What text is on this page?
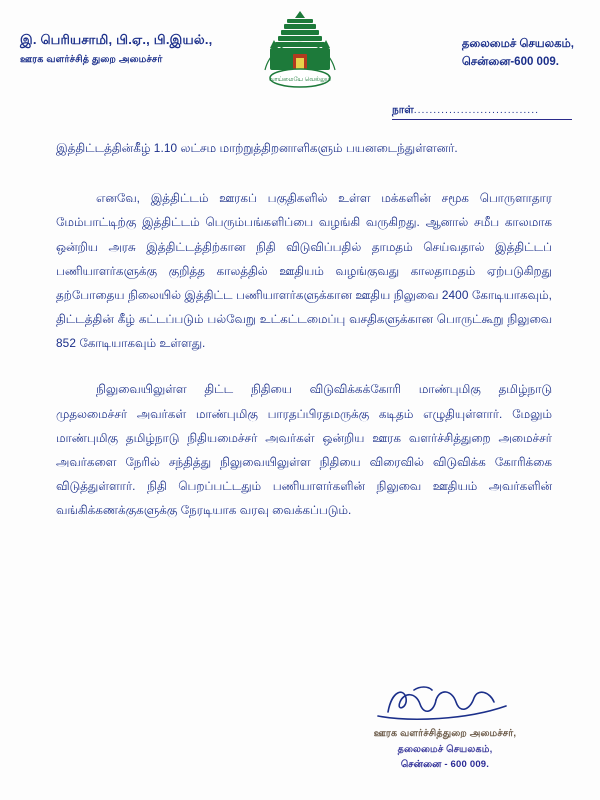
இ. பெரியசாமி, பி.ஏ., பி.இயல்.,
ஊரக வளர்ச்சித் துறை அமைச்சர்
வாய்மையே வெல்லும்
தலைமைச் செயலகம்,
சென்னை-600 009.
நாள்................................

இத்திட்டத்தின்கீழ் 1.10 லட்சம மாற்றுத்திறனாளிகளும் பயனடைந்துள்ளனர்.

எனவே, இத்திட்டம் ஊரகப் பகுதிகளில் உள்ள மக்களின் சமூக பொருளாதார மேம்பாட்டிற்கு இத்திட்டம் பெரும்பங்களிப்பை வழங்கி வருகிறது. ஆனால் சமீப காலமாக ஒன்றிய அரசு இத்திட்டத்திற்கான நிதி விடுவிப்பதில் தாமதம் செய்வதால் இத்திட்டப் பணியாளர்களுக்கு குறித்த காலத்தில் ஊதியம் வழங்குவது காலதாமதம் ஏற்படுகிறது தற்போதைய நிலையில் இத்திட்ட பணியாளர்களுக்கான ஊதிய நிலுவை 2400 கோடியாகவும், திட்டத்தின் கீழ் கட்டப்படும் பல்வேறு உட்கட்டமைப்பு வசதிகளுக்கான பொருட்கூறு நிலுவை 852 கோடியாகவும் உள்ளது.

நிலுவையிலுள்ள திட்ட நிதியை விடுவிக்கக்கோரி மாண்புமிகு தமிழ்நாடு முதலமைச்சர் அவர்கள் மாண்புமிகு பாரதப்பிரதமருக்கு கடிதம் எழுதியுள்ளார். மேலும் மாண்புமிகு தமிழ்நாடு நிதியமைச்சர் அவர்கள் ஒன்றிய ஊரக வளர்ச்சித்துறை அமைச்சர் அவர்களை நேரில் சந்தித்து நிலுவையிலுள்ள நிதியை விரைவில் விடுவிக்க கோரிக்கை விடுத்துள்ளார். நிதி பெறப்பட்டதும் பணியாளர்களின் நிலுவை ஊதியம் அவர்களின் வங்கிக்கணக்குகளுக்கு நேரடியாக வரவு வைக்கப்படும்.

ஊரக வளர்ச்சித்துறை அமைச்சர்,
தலைமைச் செயலகம்,
சென்னை - 600 009.
